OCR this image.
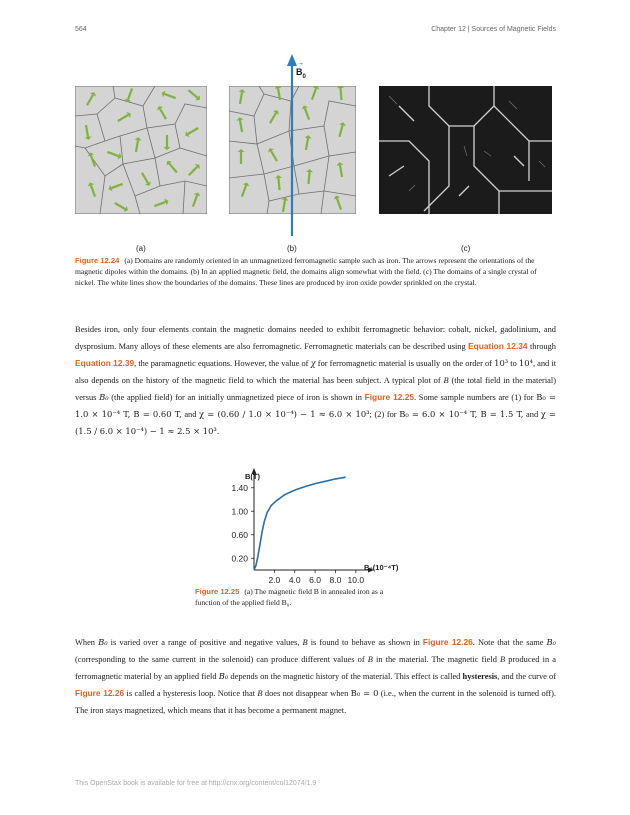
564	Chapter 12 | Sources of Magnetic Fields
→
$B_0$
(a)	(b)	(c)
Figure 12.24 (a) Domains are randomly oriented in an unmagnetized ferromagnetic sample such as iron. The arrows represent the orientations of the magnetic dipoles within the domains. (b) In an applied magnetic field, the domains align somewhat with the field. (c) The domains of a single crystal of nickel. The white lines show the boundaries of the domains. These lines are produced by iron oxide powder sprinkled on the crystal.

Besides iron, only four elements contain the magnetic domains needed to exhibit ferromagnetic behavior: cobalt, nickel, gadolinium, and dysprosium. Many alloys of these elements are also ferromagnetic. Ferromagnetic materials can be described using Equation 12.34 through Equation 12.39, the paramagnetic equations. However, the value of χ for ferromagnetic material is usually on the order of 10³ to 10⁴, and it also depends on the history of the magnetic field to which the material has been subject. A typical plot of B (the total field in the material) versus B₀ (the applied field) for an initially unmagnetized piece of iron is shown in Figure 12.25. Some sample numbers are (1) for B₀ = 1.0 × 10⁻⁴ T, B = 0.60 T, and χ = (0.60 / 1.0 × 10⁻⁴) − 1 ≈ 6.0 × 10³; (2) for B₀ = 6.0 × 10⁻⁴ T, B = 1.5 T, and χ = (1.5 / 6.0 × 10⁻⁴) − 1 ≈ 2.5 × 10³.

0.20
0.60
1.00
1.40
2.0 4.0 6.0 8.0 10.0
B(T)
B₀(10⁻⁴T)
Figure 12.25 (a) The magnetic field B in annealed iron as a
function of the applied field B₀.

When B₀ is varied over a range of positive and negative values, B is found to behave as shown in Figure 12.26. Note that the same B₀ (corresponding to the same current in the solenoid) can produce different values of B in the material. The magnetic field B produced in a ferromagnetic material by an applied field B₀ depends on the magnetic history of the material. This effect is called hysteresis, and the curve of Figure 12.26 is called a hysteresis loop. Notice that B does not disappear when B₀ = 0 (i.e., when the current in the solenoid is turned off). The iron stays magnetized, which means that it has become a permanent magnet.

This OpenStax book is available for free at http://cnx.org/content/col12074/1.9
